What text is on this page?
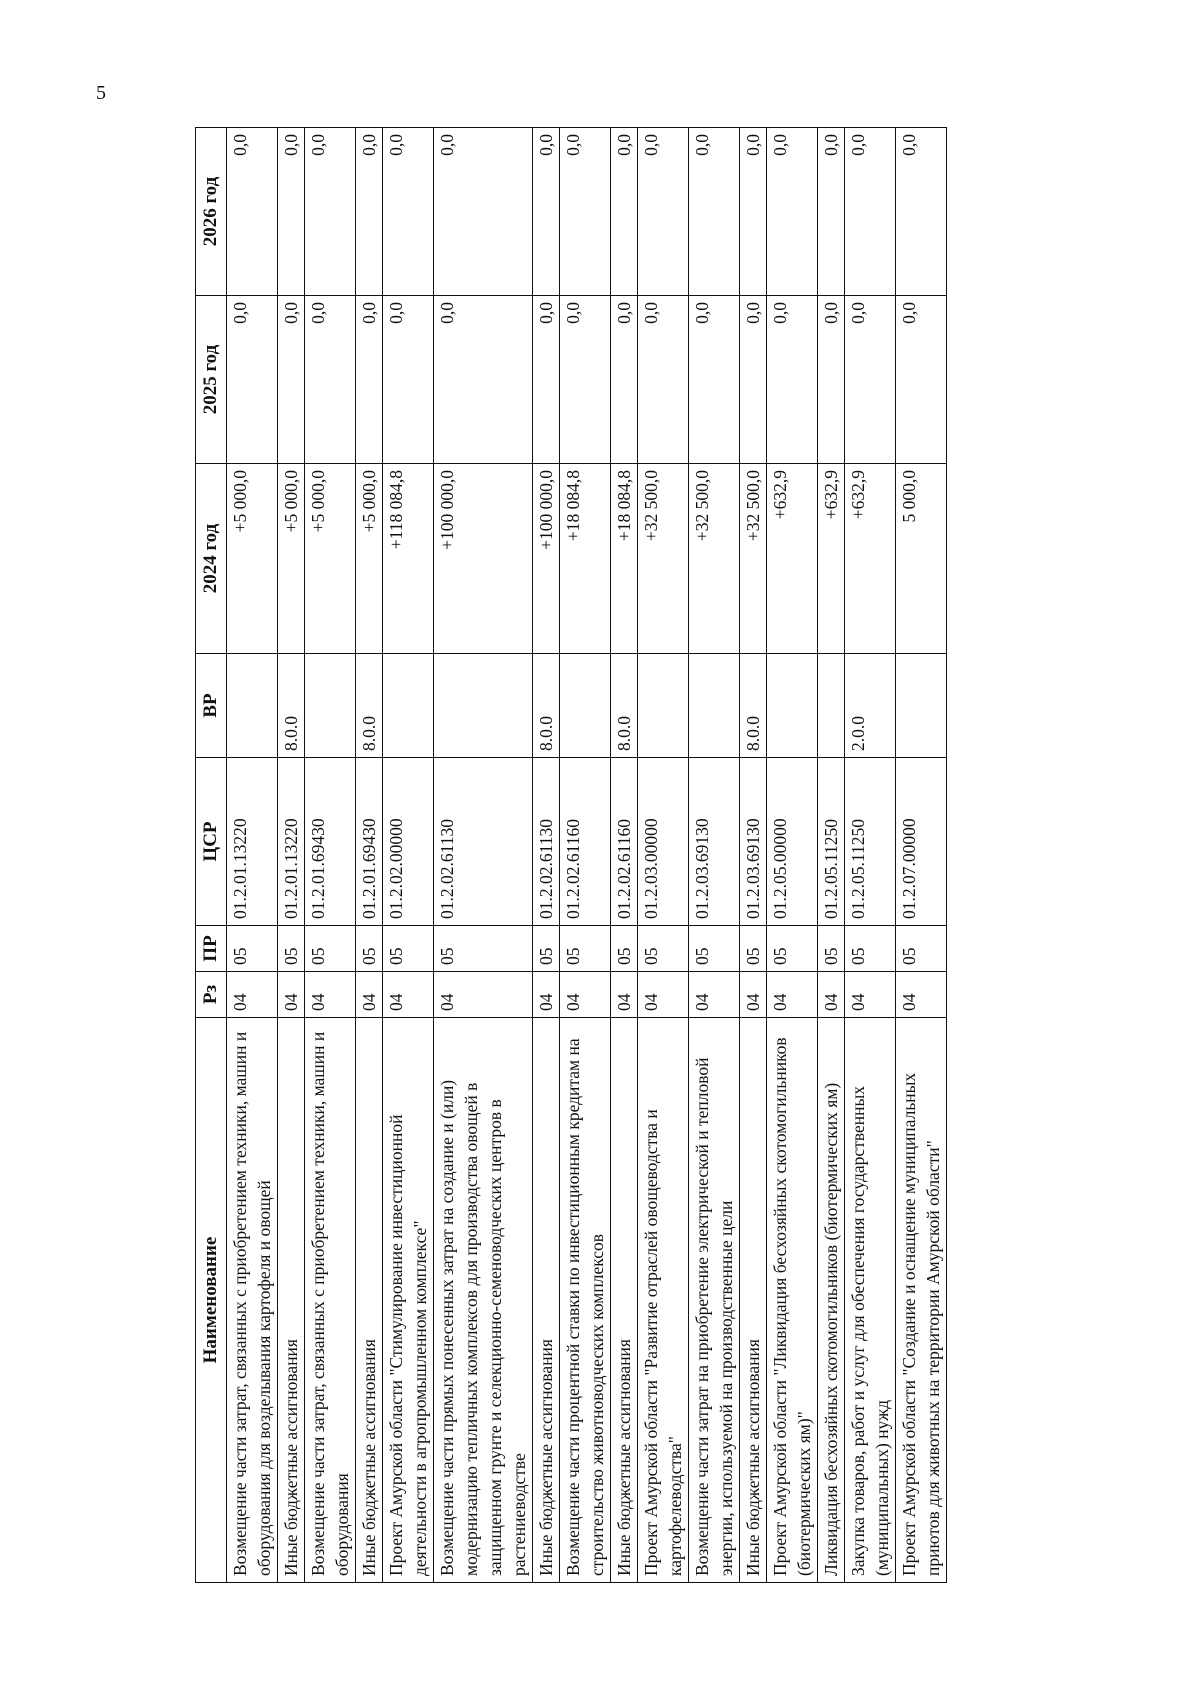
5
Наименование	Рз	ПР	ЦСР	ВР	2024 год	2025 год	2026 год
Возмещение части затрат, связанных с приобретением техники, машин и оборудования для возделывания картофеля и овощей	04	05	01.2.01.13220		+5 000,0	0,0	0,0
Иные бюджетные ассигнования	04	05	01.2.01.13220	8.0.0	+5 000,0	0,0	0,0
Возмещение части затрат, связанных с приобретением техники, машин и оборудования	04	05	01.2.01.69430		+5 000,0	0,0	0,0
Иные бюджетные ассигнования	04	05	01.2.01.69430	8.0.0	+5 000,0	0,0	0,0
Проект Амурской области "Стимулирование инвестиционной деятельности в агропромышленном комплексе"	04	05	01.2.02.00000		+118 084,8	0,0	0,0
Возмещение части прямых понесенных затрат на создание и (или) модернизацию тепличных комплексов для производства овощей в защищенном грунте и селекционно-семеноводческих центров в растениеводстве	04	05	01.2.02.61130		+100 000,0	0,0	0,0
Иные бюджетные ассигнования	04	05	01.2.02.61130	8.0.0	+100 000,0	0,0	0,0
Возмещение части процентной ставки по инвестиционным кредитам на строительство животноводческих комплексов	04	05	01.2.02.61160		+18 084,8	0,0	0,0
Иные бюджетные ассигнования	04	05	01.2.02.61160	8.0.0	+18 084,8	0,0	0,0
Проект Амурской области "Развитие отраслей овощеводства и картофелеводства"	04	05	01.2.03.00000		+32 500,0	0,0	0,0
Возмещение части затрат на приобретение электрической и тепловой энергии, используемой на производственные цели	04	05	01.2.03.69130		+32 500,0	0,0	0,0
Иные бюджетные ассигнования	04	05	01.2.03.69130	8.0.0	+32 500,0	0,0	0,0
Проект Амурской области "Ликвидация бесхозяйных скотомогильников (биотермических ям)"	04	05	01.2.05.00000		+632,9	0,0	0,0
Ликвидация бесхозяйных скотомогильников (биотермических ям)	04	05	01.2.05.11250		+632,9	0,0	0,0
Закупка товаров, работ и услуг для обеспечения государственных (муниципальных) нужд	04	05	01.2.05.11250	2.0.0	+632,9	0,0	0,0
Проект Амурской области "Создание и оснащение муниципальных приютов для животных на территории Амурской области"	04	05	01.2.07.00000		5 000,0	0,0	0,0
